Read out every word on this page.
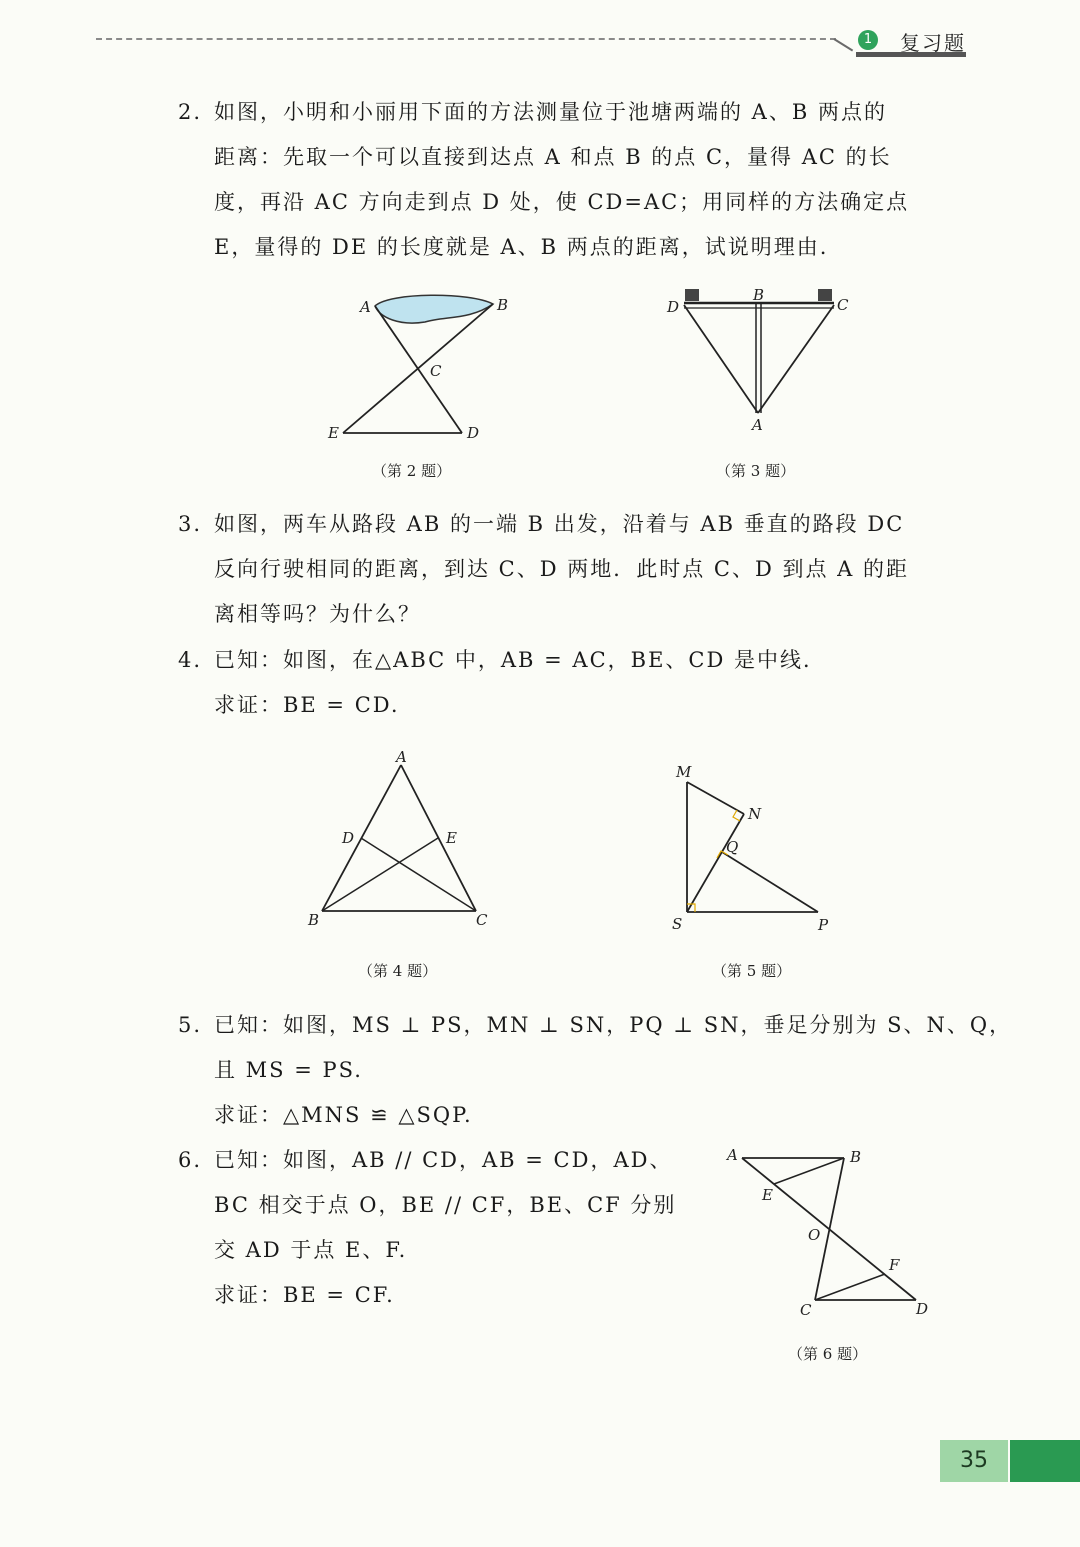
1 复习题
2. 如图，小明和小丽用下面的方法测量位于池塘两端的 A、B 两点的
距离：先取一个可以直接到达点 A 和点 B 的点 C，量得 AC 的长
度，再沿 AC 方向走到点 D 处，使 CD=AC；用同样的方法确定点
E，量得的 DE 的长度就是 A、B 两点的距离，试说明理由.
A	B
C
D
E
（第 2 题）
D
B
C
A
（第 3 题）
3. 如图，两车从路段 AB 的一端 B 出发，沿着与 AB 垂直的路段 DC
反向行驶相同的距离，到达 C、D 两地．此时点 C、D 到点 A 的距
离相等吗？为什么？
4. 已知：如图，在△ABC 中，AB = AC，BE、CD 是中线．
求证：BE = CD.
A
D	E
B	C
（第 4 题）
M
N
Q
S	P
（第 5 题）
5. 已知：如图，MS ⊥ PS，MN ⊥ SN，PQ ⊥ SN，垂足分别为 S、N、Q，
且 MS = PS.
求证：△MNS ≌ △SQP.
6. 已知：如图，AB // CD，AB = CD，AD、
BC 相交于点 O，BE // CF，BE、CF 分别
交 AD 于点 E、F.
求证：BE = CF.
A	B
E
O
F
C	D
（第 6 题）
35
